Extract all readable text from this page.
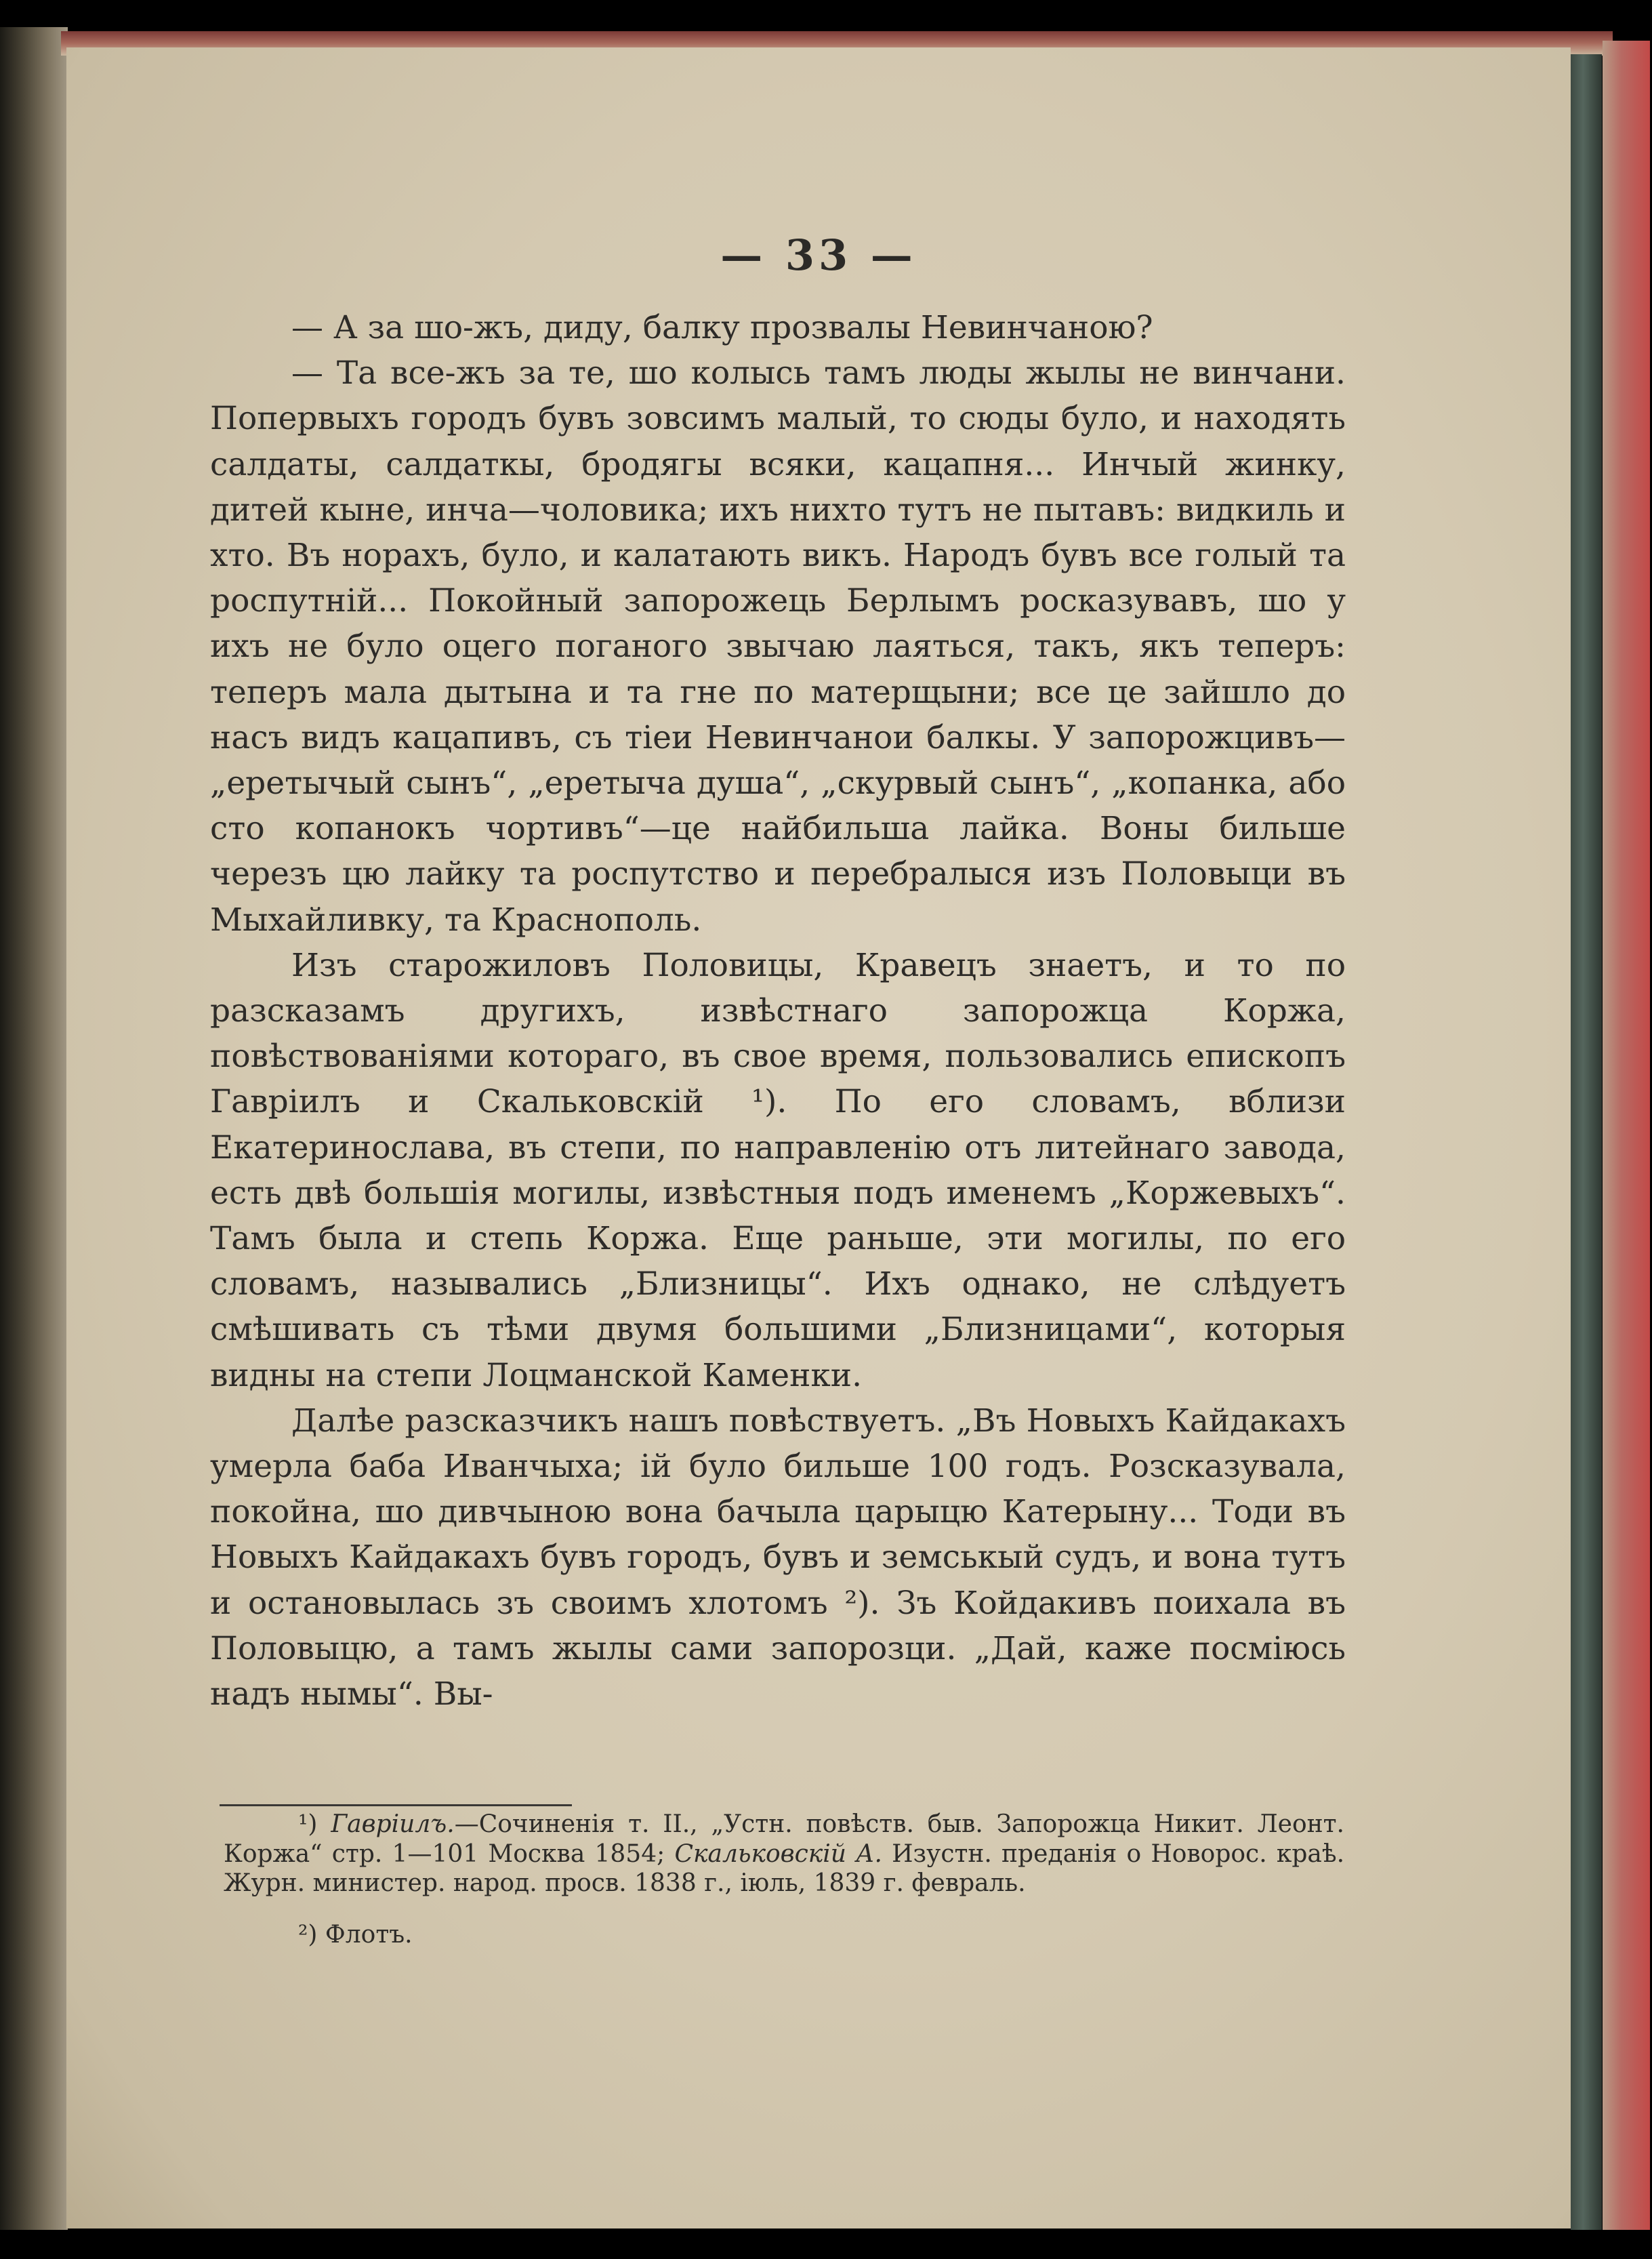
— 33 —

— А за шо-жъ, диду, балку прозвалы Невинчаною?

— Та все-жъ за те, шо колысь тамъ люды жылы не винчани. Попервыхъ городъ бувъ зовсимъ малый, то сюды було, и находять салдаты, салдаткы, бродягы всяки, кацапня... Инчый жинку, дитей кыне, инча—чоловика; ихъ нихто тутъ не пытавъ: видкиль и хто. Въ норахъ, було, и калатають викъ. Народъ бувъ все голый та роспутній... Покойный запорожець Берлымъ росказувавъ, шо у ихъ не було оцего поганого звычаю лаяться, такъ, якъ теперъ: теперъ мала дытына и та гне по матерщыни; все це зайшло до насъ видъ кацапивъ, съ тіеи Невинчанои балкы. У запорожцивъ—„еретычый сынъ“, „еретыча душа“, „скурвый сынъ“, „копанка, або сто копанокъ чортивъ“—це найбильша лайка. Воны бильше черезъ цю лайку та роспутство и перебралыся изъ Половыци въ Мыхайливку, та Краснополь.

Изъ старожиловъ Половицы, Кравецъ знаетъ, и то по разсказамъ другихъ, извѣстнаго запорожца Коржа, повѣствованіями котораго, въ свое время, пользовались епископъ Гавріилъ и Скальковскій ¹). По его словамъ, вблизи Екатеринослава, въ степи, по направленію отъ литейнаго завода, есть двѣ большія могилы, извѣстныя подъ именемъ „Коржевыхъ“. Тамъ была и степь Коржа. Еще раньше, эти могилы, по его словамъ, назывались „Близницы“. Ихъ однако, не слѣдуетъ смѣшивать съ тѣми двумя большими „Близницами“, которыя видны на степи Лоцманской Каменки.

Далѣе разсказчикъ нашъ повѣствуетъ. „Въ Новыхъ Кайдакахъ умерла баба Иванчыха; ій було бильше 100 годъ. Розсказувала, покойна, шо дивчыною вона бачыла царыцю Катерыну... Тоди въ Новыхъ Кайдакахъ бувъ городъ, бувъ и земськый судъ, и вона тутъ и остановылась зъ своимъ хлотомъ ²). Зъ Койдакивъ поихала въ Половыцю, а тамъ жылы сами запорозци. „Дай, каже посміюсь надъ нымы“. Вы-

¹) Гавріилъ.—Сочиненія т. II., „Устн. повѣств. быв. Запорожца Никит. Леонт. Коржа“ стр. 1—101 Москва 1854; Скальковскій А. Изустн. преданія о Новорос. краѣ. Журн. министер. народ. просв. 1838 г., іюль, 1839 г. февраль.

²) Флотъ.
